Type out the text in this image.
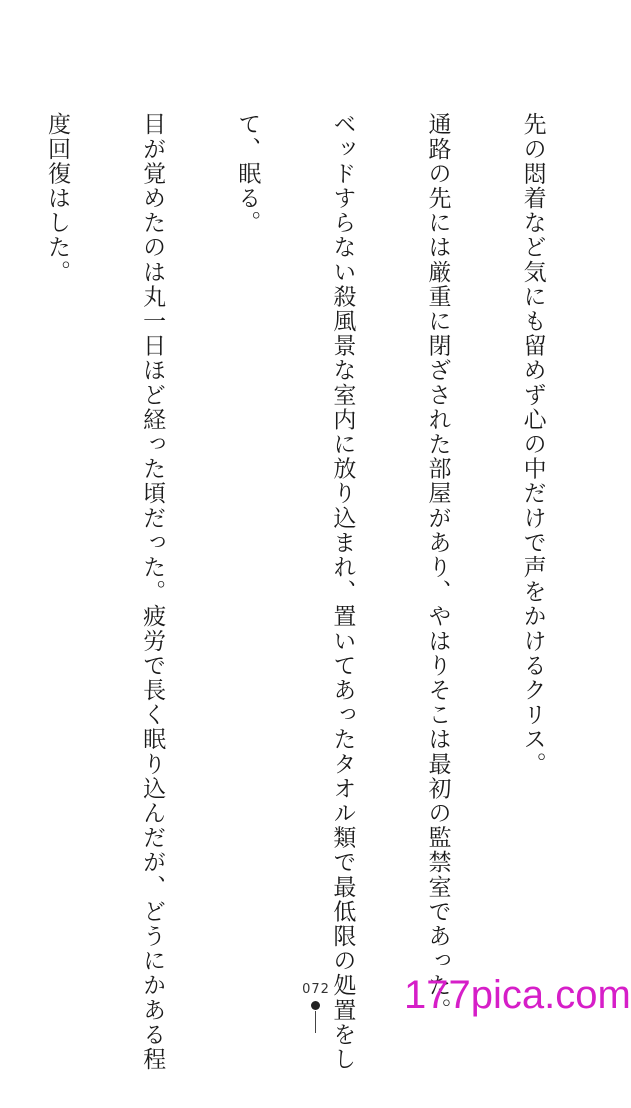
先の悶着など気にも留めず心の中だけで声をかけるクリス。

通路の先には厳重に閉ざされた部屋があり、やはりそこは最初の監禁室であった。

ベッドすらない殺風景な室内に放り込まれ、置いてあったタオル類で最低限の処置をし

て、眠る。

目が覚めたのは丸一日ほど経った頃だった。疲労で長く眠り込んだが、どうにかある程

度回復はした。

072 177pica.com
